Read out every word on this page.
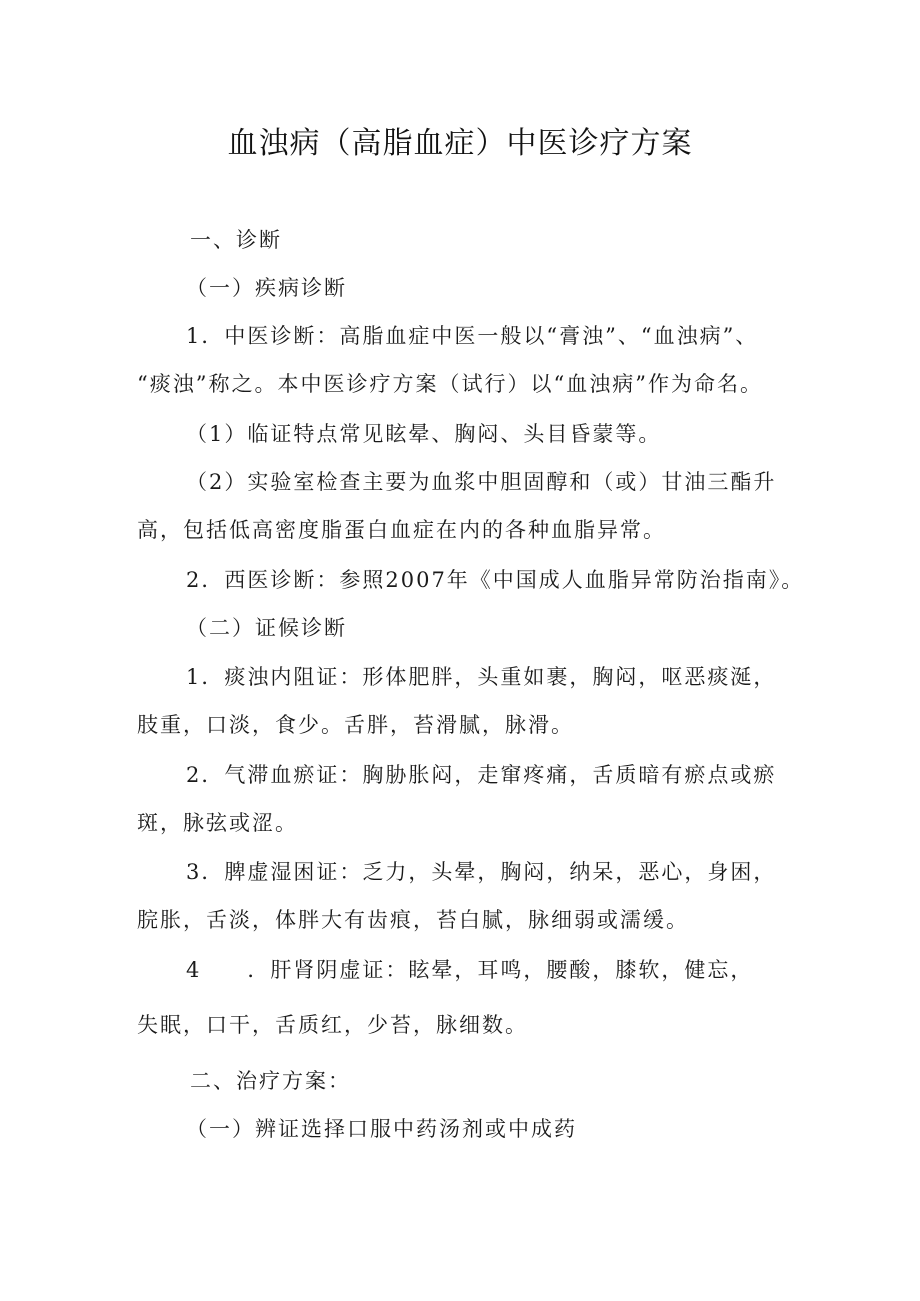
血浊病（高脂血症）中医诊疗方案
一、诊断
（一）疾病诊断
1．中医诊断：高脂血症中医一般以“膏浊”、“血浊病”、
“痰浊”称之。本中医诊疗方案（试行）以“血浊病”作为命名。
（1）临证特点常见眩晕、胸闷、头目昏蒙等。
（2）实验室检查主要为血浆中胆固醇和（或）甘油三酯升
高，包括低高密度脂蛋白血症在内的各种血脂异常。
2．西医诊断：参照2007年《中国成人血脂异常防治指南》。
（二）证候诊断
1．痰浊内阻证：形体肥胖，头重如裹，胸闷，呕恶痰涎，
肢重，口淡，食少。舌胖，苔滑腻，脉滑。
2．气滞血瘀证：胸胁胀闷，走窜疼痛，舌质暗有瘀点或瘀
斑，脉弦或涩。
3．脾虚湿困证：乏力，头晕，胸闷，纳呆，恶心，身困，
脘胀，舌淡，体胖大有齿痕，苔白腻，脉细弱或濡缓。
4　　．肝肾阴虚证：眩晕，耳鸣，腰酸，膝软，健忘，
失眠，口干，舌质红，少苔，脉细数。
二、治疗方案：
（一）辨证选择口服中药汤剂或中成药
